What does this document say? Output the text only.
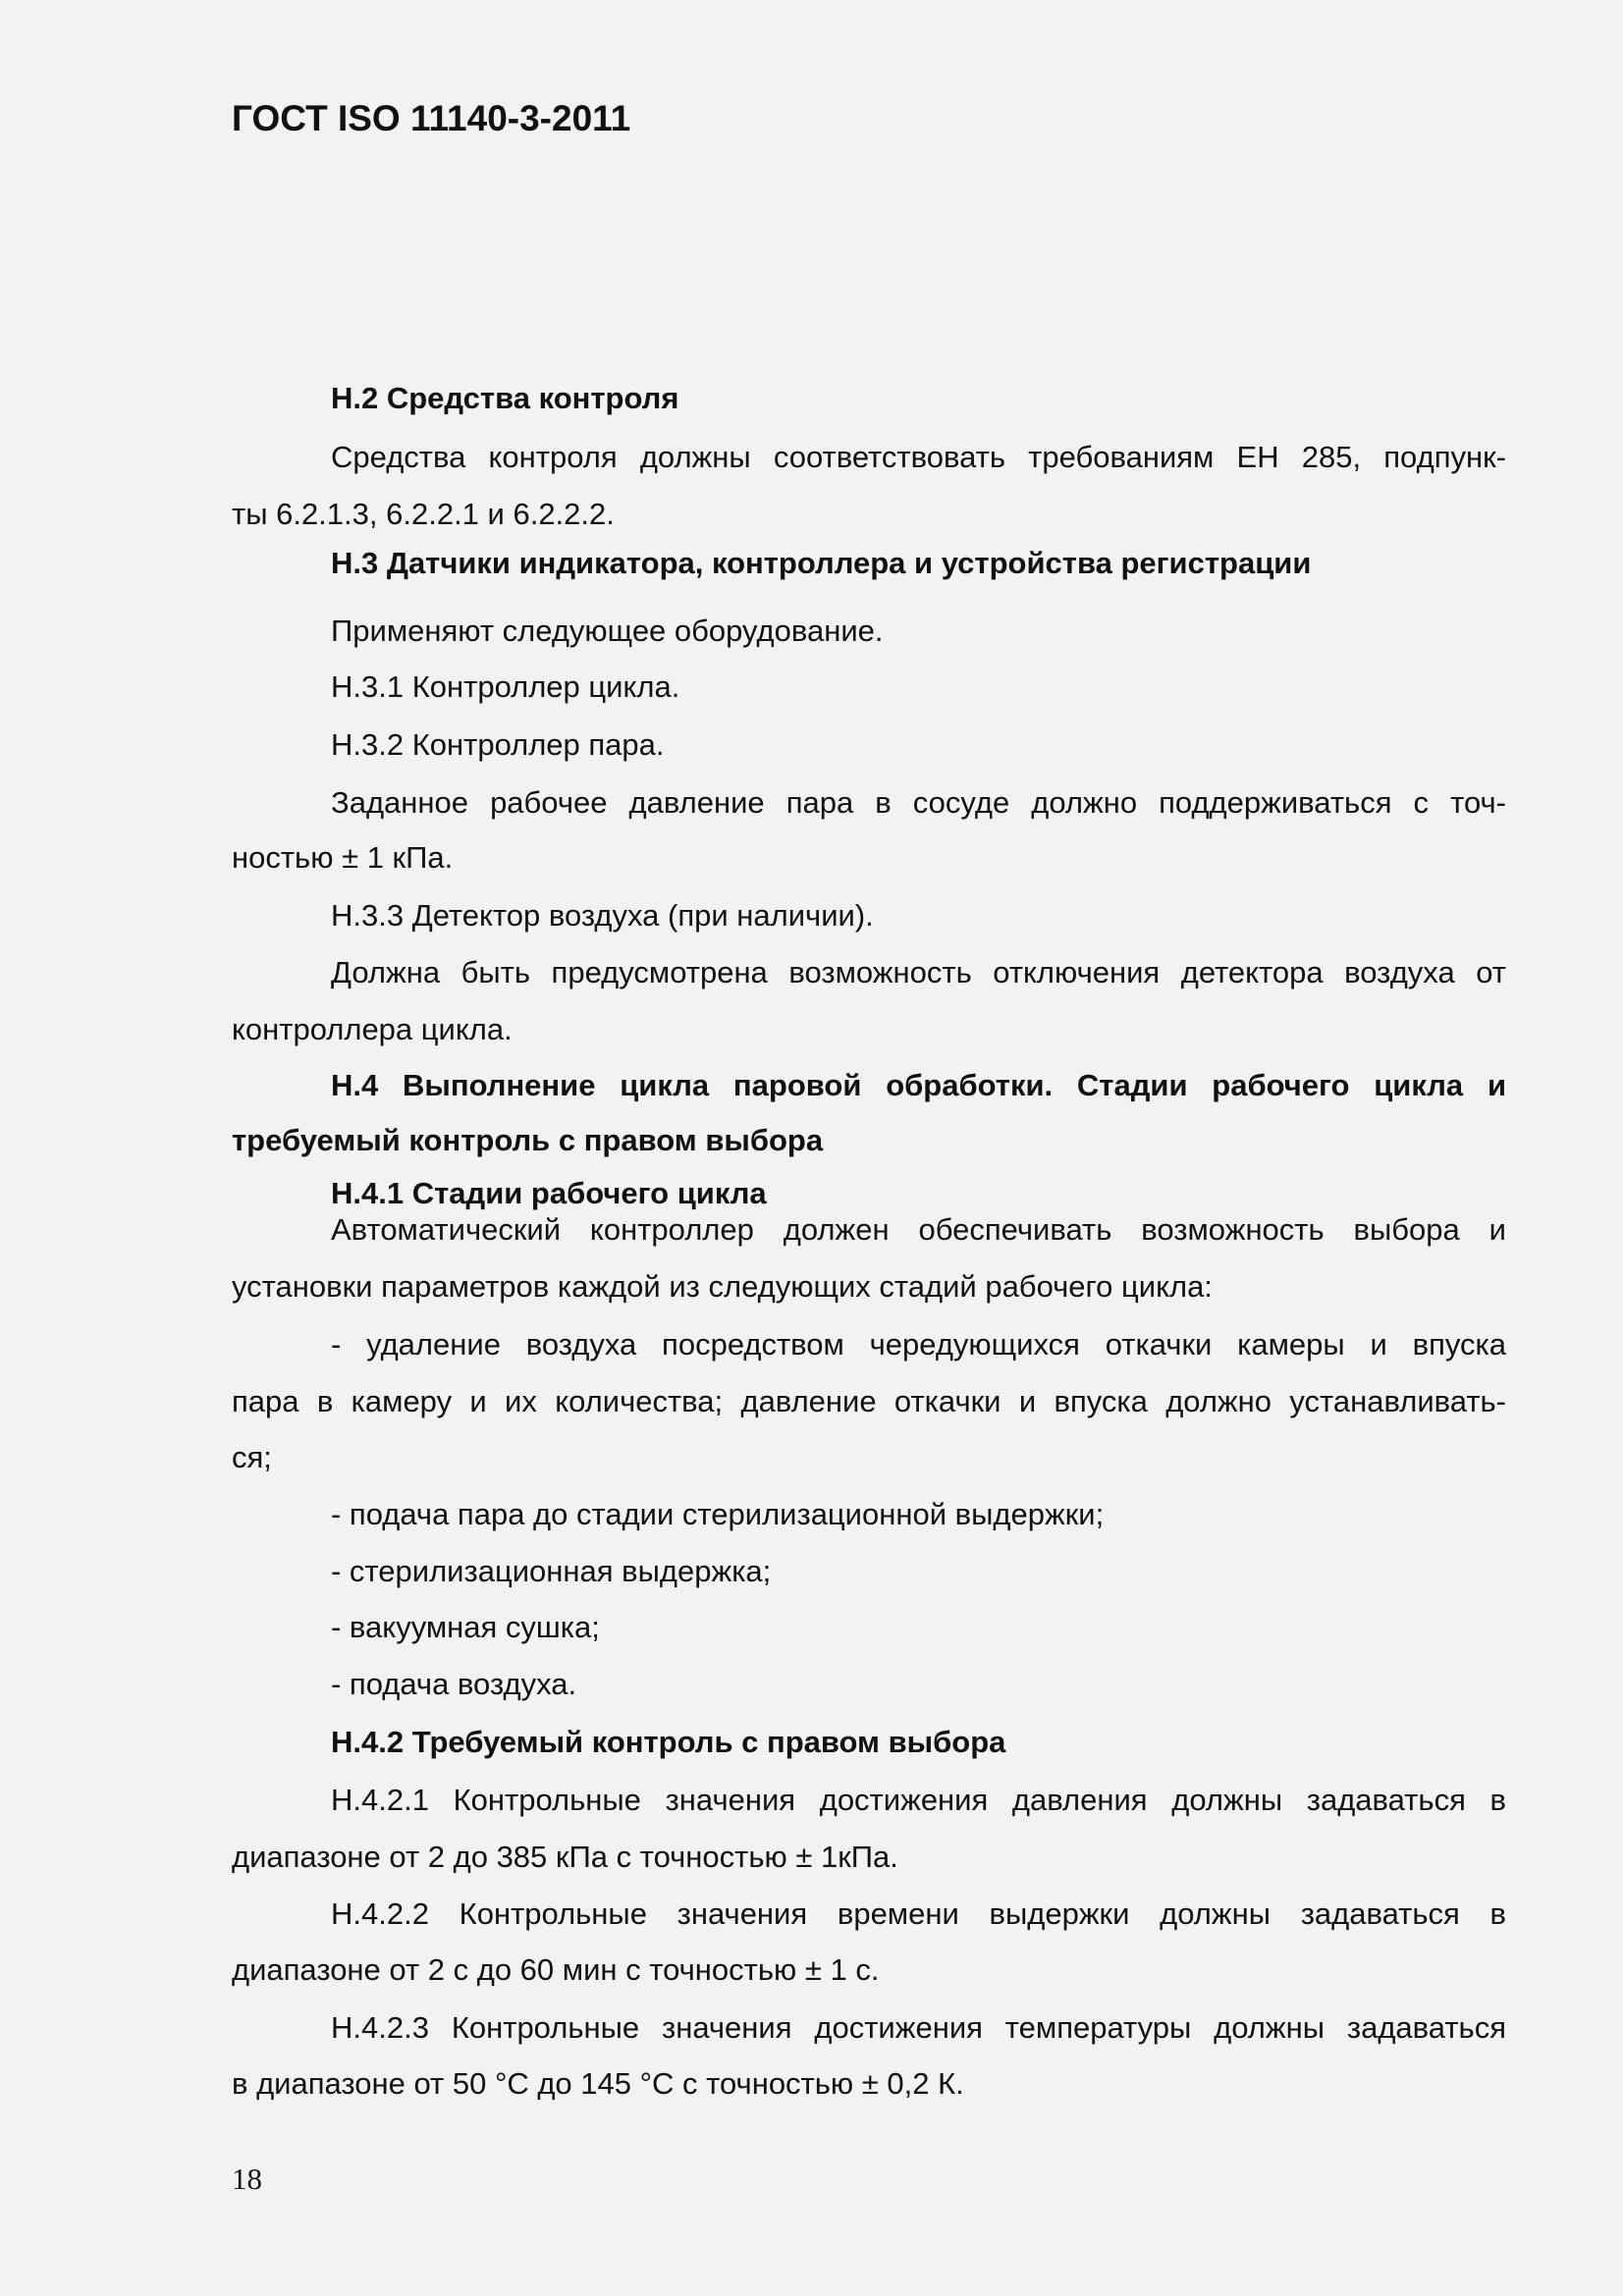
ГОСТ ISO 11140-3-2011
Н.2 Средства контроля
Средства контроля должны соответствовать требованиям ЕН 285, подпунк-
ты 6.2.1.3, 6.2.2.1 и 6.2.2.2.
Н.3 Датчики индикатора, контроллера и устройства регистрации
Применяют следующее оборудование.
Н.3.1 Контроллер цикла.
Н.3.2 Контроллер пара.
Заданное рабочее давление пара в сосуде должно поддерживаться с точ-
ностью ± 1 кПа.
Н.3.3 Детектор воздуха (при наличии).
Должна быть предусмотрена возможность отключения детектора воздуха от
контроллера цикла.
Н.4 Выполнение цикла паровой обработки. Стадии рабочего цикла и
требуемый контроль с правом выбора
Н.4.1 Стадии рабочего цикла
Автоматический контроллер должен обеспечивать возможность выбора и
установки параметров каждой из следующих стадий рабочего цикла:
- удаление воздуха посредством чередующихся откачки камеры и впуска
пара в камеру и их количества; давление откачки и впуска должно устанавливать-
ся;
- подача пара до стадии стерилизационной выдержки;
- стерилизационная выдержка;
- вакуумная сушка;
- подача воздуха.
Н.4.2 Требуемый контроль с правом выбора
Н.4.2.1 Контрольные значения достижения давления должны задаваться в
диапазоне от 2 до 385 кПа с точностью ± 1кПа.
Н.4.2.2 Контрольные значения времени выдержки должны задаваться в
диапазоне от 2 с до 60 мин с точностью ± 1 с.
Н.4.2.3 Контрольные значения достижения температуры должны задаваться
в диапазоне от 50 °С до 145 °С с точностью ± 0,2 К.
18
